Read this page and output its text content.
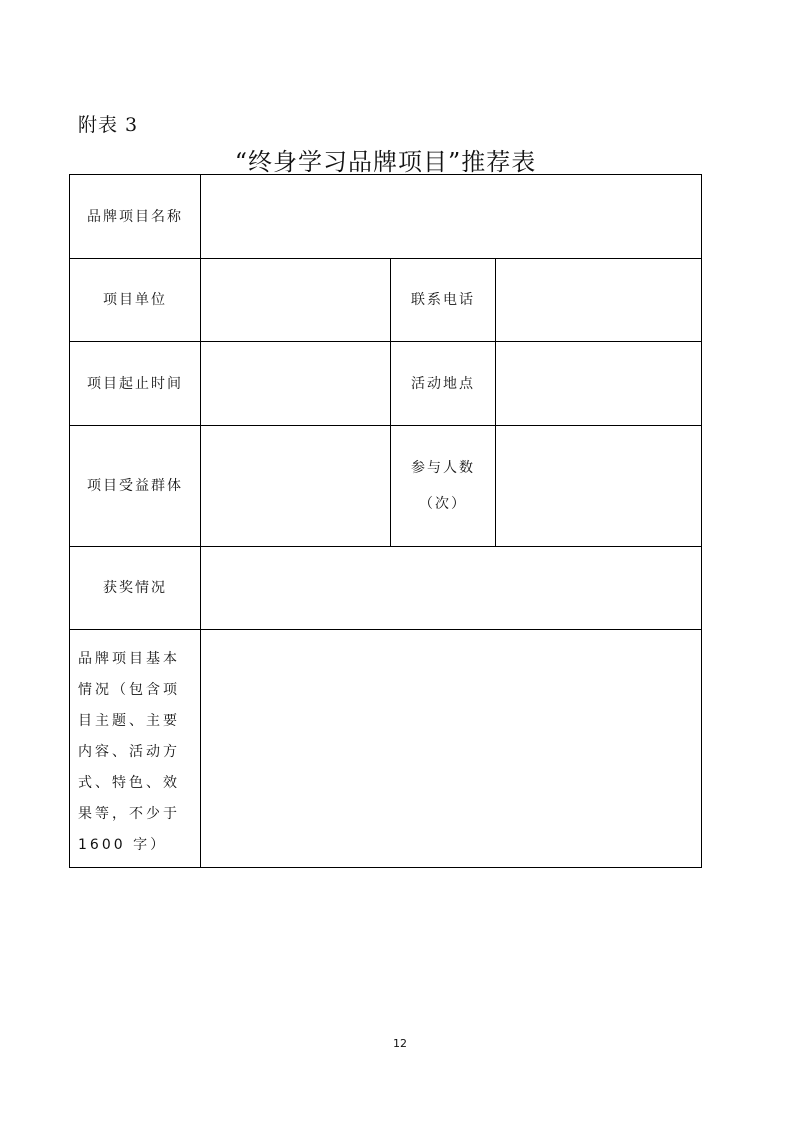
附表 3
“终身学习品牌项目”推荐表
品牌项目名称			
项目单位		联系电话	
项目起止时间		活动地点	
项目受益群体		参与人数
（次）	

获奖情况			
品牌项目基本情况（包含项目主题、主要内容、活动方式、特色、效果等，不少于1600 字）			
12
